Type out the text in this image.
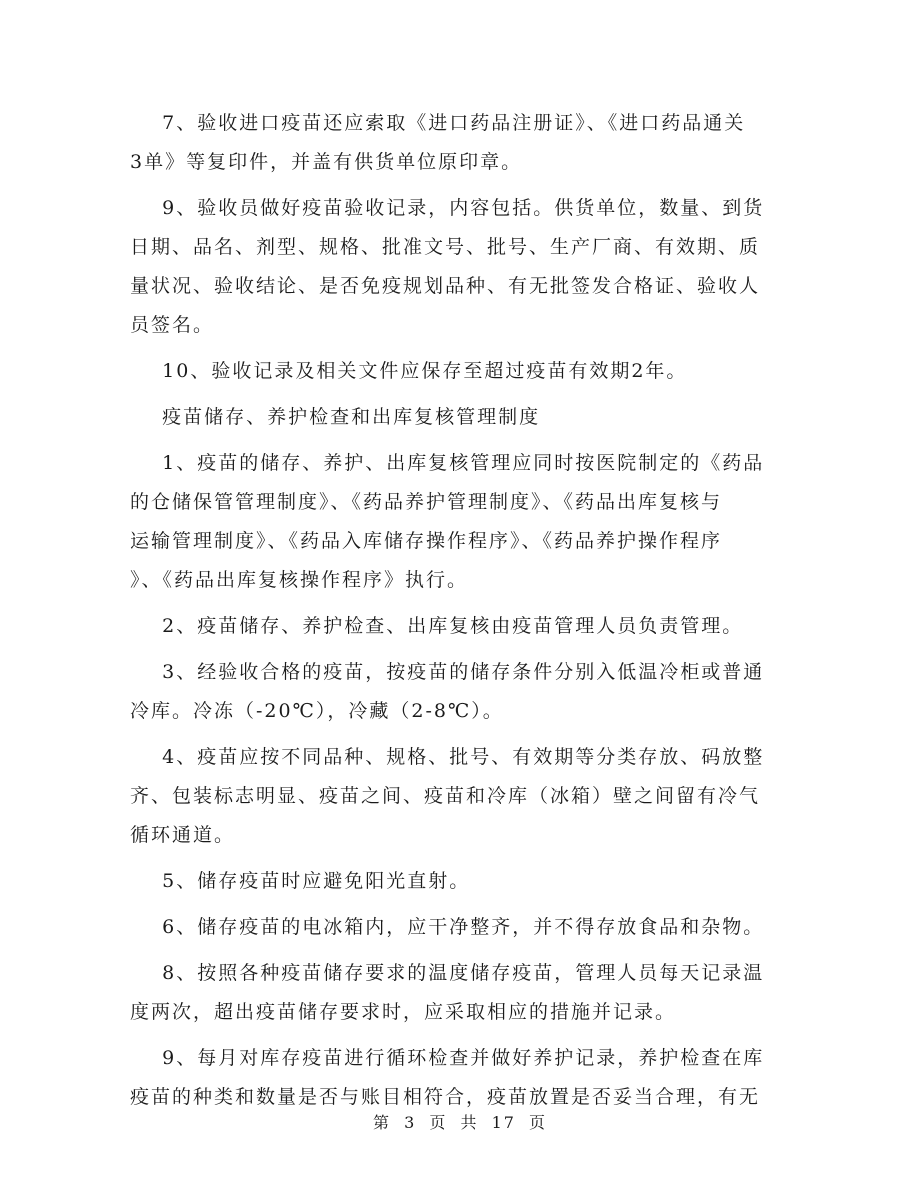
7、验收进口疫苗还应索取《进口药品注册证》、《进口药品通关
3单》等复印件，并盖有供货单位原印章。

9、验收员做好疫苗验收记录，内容包括。供货单位，数量、到货
日期、品名、剂型、规格、批准文号、批号、生产厂商、有效期、质
量状况、验收结论、是否免疫规划品种、有无批签发合格证、验收人
员签名。

10、验收记录及相关文件应保存至超过疫苗有效期2年。

疫苗储存、养护检查和出库复核管理制度

1、疫苗的储存、养护、出库复核管理应同时按医院制定的《药品
的仓储保管管理制度》、《药品养护管理制度》、《药品出库复核与
运输管理制度》、《药品入库储存操作程序》、《药品养护操作程序
》、《药品出库复核操作程序》执行。

2、疫苗储存、养护检查、出库复核由疫苗管理人员负责管理。

3、经验收合格的疫苗，按疫苗的储存条件分别入低温冷柜或普通
冷库。冷冻（-20℃），冷藏（2-8℃）。

4、疫苗应按不同品种、规格、批号、有效期等分类存放、码放整
齐、包装标志明显、疫苗之间、疫苗和冷库（冰箱）壁之间留有冷气
循环通道。

5、储存疫苗时应避免阳光直射。

6、储存疫苗的电冰箱内，应干净整齐，并不得存放食品和杂物。

8、按照各种疫苗储存要求的温度储存疫苗，管理人员每天记录温
度两次，超出疫苗储存要求时，应采取相应的措施并记录。

9、每月对库存疫苗进行循环检查并做好养护记录，养护检查在库
疫苗的种类和数量是否与账目相符合，疫苗放置是否妥当合理，有无

第 3 页 共 17 页
